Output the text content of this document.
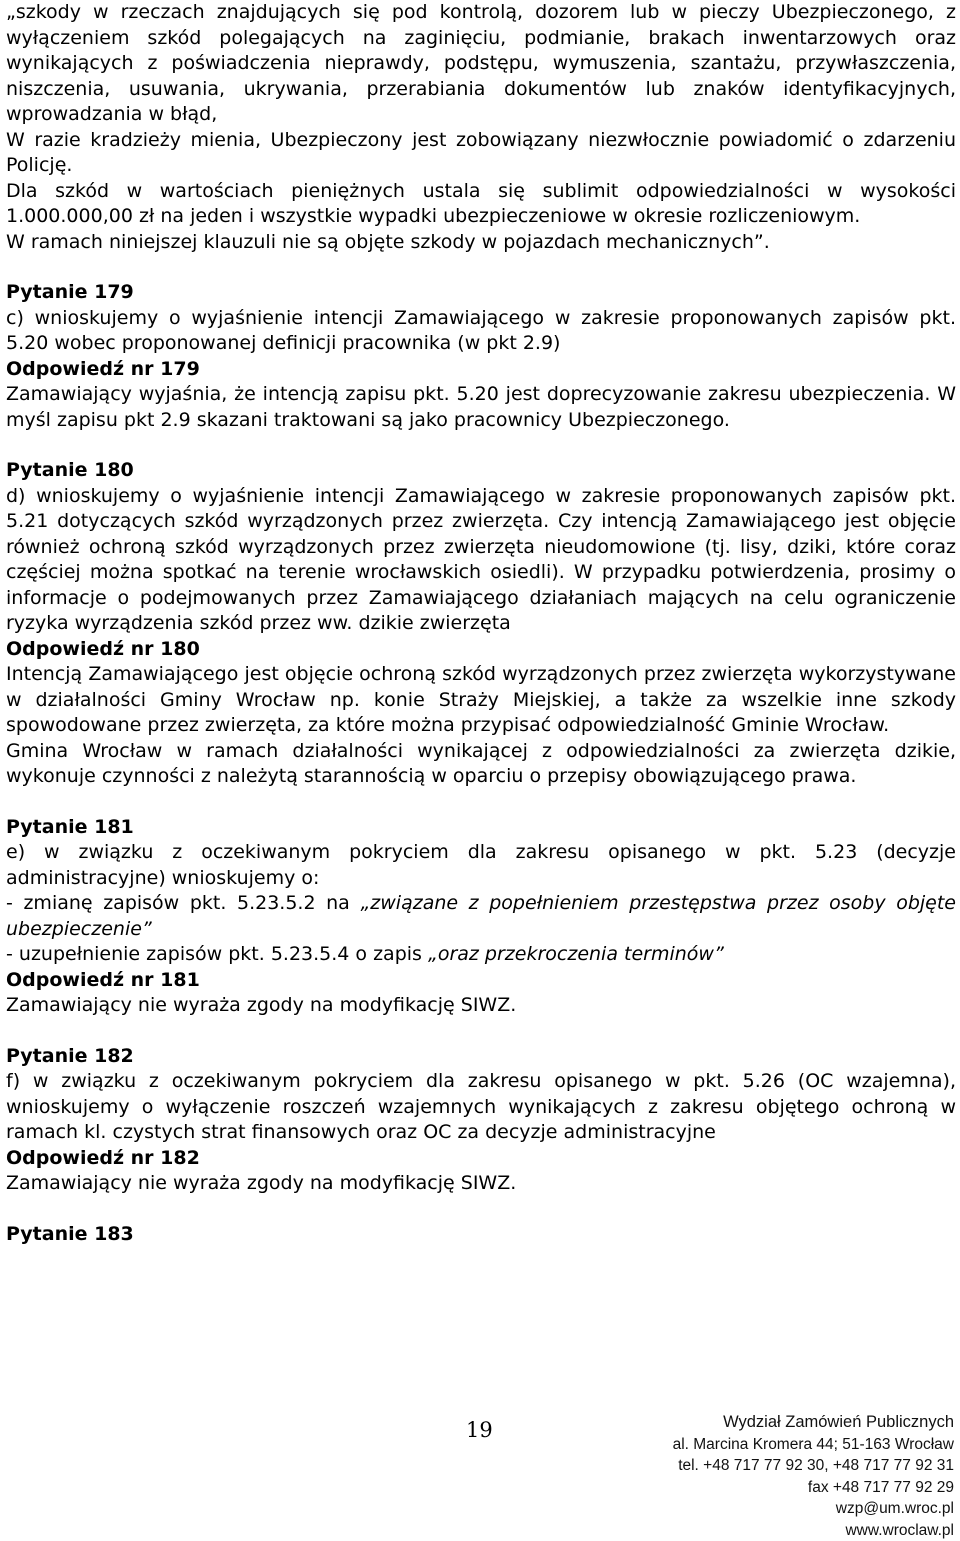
„szkody w rzeczach znajdujących się pod kontrolą, dozorem lub w pieczy Ubezpieczonego, z wyłączeniem szkód polegających na zaginięciu, podmianie, brakach inwentarzowych oraz wynikających z poświadczenia nieprawdy, podstępu, wymuszenia, szantażu, przywłaszczenia, niszczenia, usuwania, ukrywania, przerabiania dokumentów lub znaków identyfikacyjnych, wprowadzania w błąd,

W razie kradzieży mienia, Ubezpieczony jest zobowiązany niezwłocznie powiadomić o zdarzeniu Policję.

Dla szkód w wartościach pieniężnych ustala się sublimit odpowiedzialności w wysokości 1.000.000,00 zł na jeden i wszystkie wypadki ubezpieczeniowe w okresie rozliczeniowym.

W ramach niniejszej klauzuli nie są objęte szkody w pojazdach mechanicznych”.

Pytanie 179

c) wnioskujemy o wyjaśnienie intencji Zamawiającego w zakresie proponowanych zapisów pkt. 5.20 wobec proponowanej definicji pracownika (w pkt 2.9)

Odpowiedź nr 179

Zamawiający wyjaśnia, że intencją zapisu pkt. 5.20 jest doprecyzowanie zakresu ubezpieczenia. W myśl zapisu pkt 2.9 skazani traktowani są jako pracownicy Ubezpieczonego.

Pytanie 180

d) wnioskujemy o wyjaśnienie intencji Zamawiającego w zakresie proponowanych zapisów pkt. 5.21 dotyczących szkód wyrządzonych przez zwierzęta. Czy intencją Zamawiającego jest objęcie również ochroną szkód wyrządzonych przez zwierzęta nieudomowione (tj. lisy, dziki, które coraz częściej można spotkać na terenie wrocławskich osiedli). W przypadku potwierdzenia, prosimy o informacje o podejmowanych przez Zamawiającego działaniach mających na celu ograniczenie ryzyka wyrządzenia szkód przez ww. dzikie zwierzęta

Odpowiedź nr 180

Intencją Zamawiającego jest objęcie ochroną szkód wyrządzonych przez zwierzęta wykorzystywane w działalności Gminy Wrocław np. konie Straży Miejskiej, a także za wszelkie inne szkody spowodowane przez zwierzęta, za które można przypisać odpowiedzialność Gminie Wrocław.

Gmina Wrocław w ramach działalności wynikającej z odpowiedzialności za zwierzęta dzikie, wykonuje czynności z należytą starannością w oparciu o przepisy obowiązującego prawa.

Pytanie 181

e) w związku z oczekiwanym pokryciem dla zakresu opisanego w pkt. 5.23 (decyzje administracyjne) wnioskujemy o:

- zmianę zapisów pkt. 5.23.5.2 na „związane z popełnieniem przestępstwa przez osoby objęte ubezpieczenie”

- uzupełnienie zapisów pkt. 5.23.5.4 o zapis „oraz przekroczenia terminów”

Odpowiedź nr 181

Zamawiający nie wyraża zgody na modyfikację SIWZ.

Pytanie 182

f) w związku z oczekiwanym pokryciem dla zakresu opisanego w pkt. 5.26 (OC wzajemna), wnioskujemy o wyłączenie roszczeń wzajemnych wynikających z zakresu objętego ochroną w ramach kl. czystych strat finansowych oraz OC za decyzje administracyjne

Odpowiedź nr 182

Zamawiający nie wyraża zgody na modyfikację SIWZ.

Pytanie 183

19	Wydział Zamówień Publicznych
al. Marcina Kromera 44; 51-163 Wrocław
tel. +48 717 77 92 30, +48 717 77 92 31
fax +48 717 77 92 29
wzp@um.wroc.pl
www.wroclaw.pl
